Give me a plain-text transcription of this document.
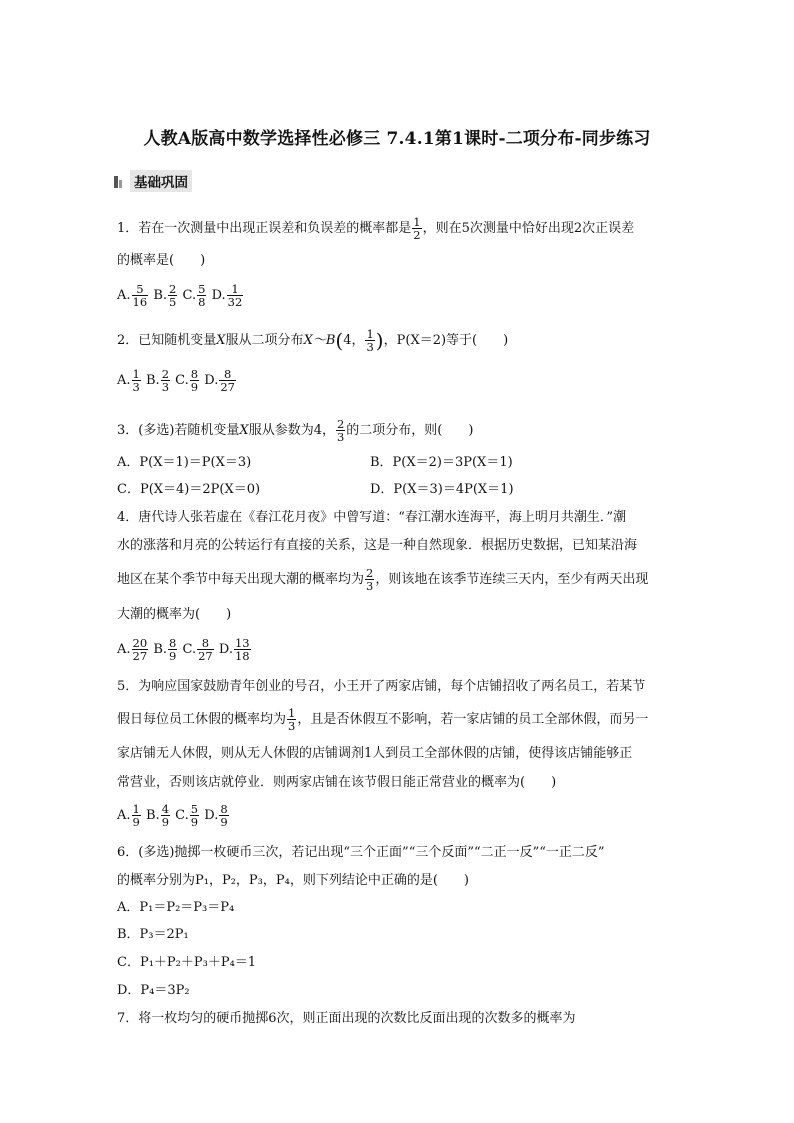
人教A版高中数学选择性必修三 7.4.1第1课时-二项分布-同步练习
基础巩固
1．若在一次测量中出现正误差和负误差的概率都是 $\frac{1}{2}$ ，则在5次测量中恰好出现2次正误差
的概率是(　　)
A. $\frac{5}{16} B$. $\frac{2}{5} C$. $\frac{5}{8} D$. $\frac{1}{32}$
2．已知随机变量X服从二项分布X～B(4， $\frac{1}{3}$ )，P(X＝2)等于(　　)
A. $\frac{1}{3} B$. $\frac{2}{3} C$. $\frac{8}{9} D$. $\frac{8}{27}$
3．(多选)若随机变量X服从参数为4， $\frac{2}{3}$ 的二项分布，则(　　)
A．P(X＝1)＝P(X＝3)	B．P(X＝2)＝3P(X＝1)
C．P(X＝4)＝2P(X＝0)	D．P(X＝3)＝4P(X＝1)
4．唐代诗人张若虚在《春江花月夜》中曾写道：“春江潮水连海平，海上明月共潮生．”潮
水的涨落和月亮的公转运行有直接的关系，这是一种自然现象．根据历史数据，已知某沿海
地区在某个季节中每天出现大潮的概率均为 $\frac{2}{3}$ ，则该地在该季节连续三天内，至少有两天出现
大潮的概率为(　　)
A. $\frac{20}{27} B$. $\frac{8}{9} C$. $\frac{8}{27} D$. $\frac{13}{18}$
5．为响应国家鼓励青年创业的号召，小王开了两家店铺，每个店铺招收了两名员工，若某节
假日每位员工休假的概率均为 $\frac{1}{3}$ ，且是否休假互不影响，若一家店铺的员工全部休假，而另一
家店铺无人休假，则从无人休假的店铺调剂1人到员工全部休假的店铺，使得该店铺能够正
常营业，否则该店就停业．则两家店铺在该节假日能正常营业的概率为(　　)
A. $\frac{1}{9} B$. $\frac{4}{9} C$. $\frac{5}{9} D$. $\frac{8}{9}$
6．(多选)抛掷一枚硬币三次，若记出现“三个正面”“三个反面”“二正一反”“一正二反”
的概率分别为P₁，P₂，P₃，P₄，则下列结论中正确的是(　　)
A．P₁＝P₂＝P₃＝P₄
B．P₃＝2P₁
C．P₁＋P₂＋P₃＋P₄＝1
D．P₄＝3P₂
7．将一枚均匀的硬币抛掷6次，则正面出现的次数比反面出现的次数多的概率为
